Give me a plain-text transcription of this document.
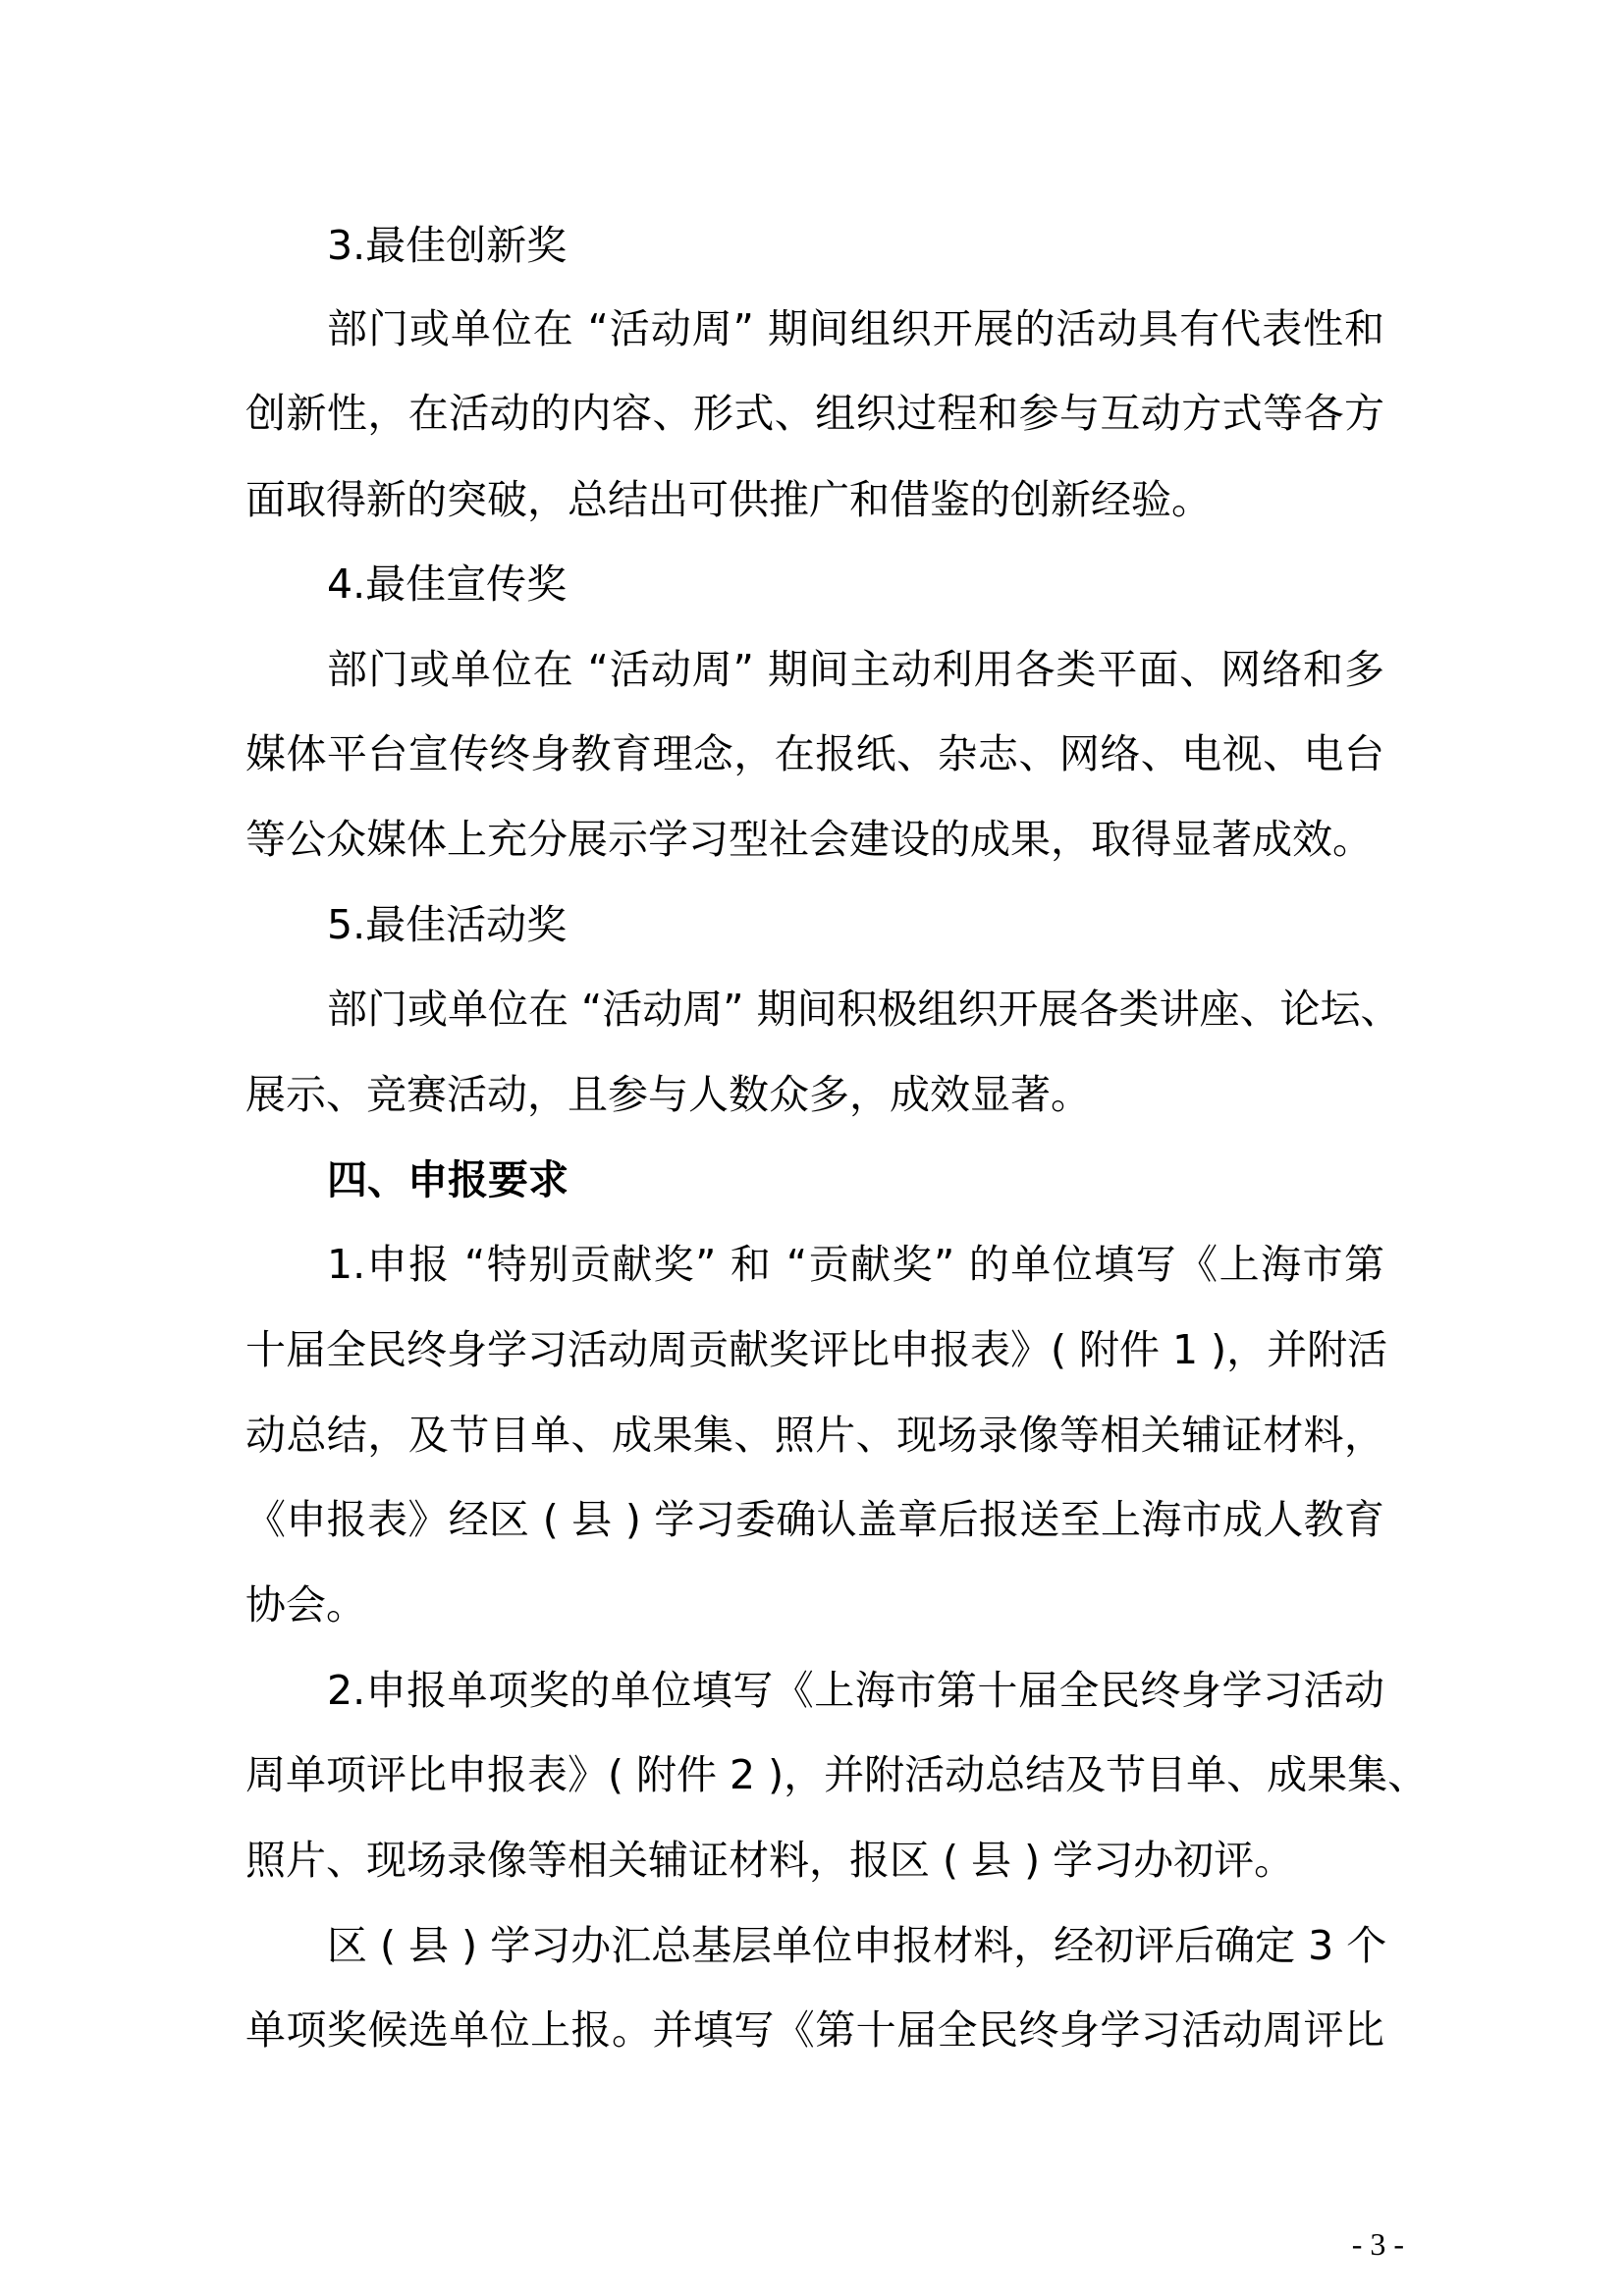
3.最佳创新奖

部门或单位在 “活动周” 期间组织开展的活动具有代表性和

创新性，在活动的内容、形式、组织过程和参与互动方式等各方

面取得新的突破，总结出可供推广和借鉴的创新经验。

4.最佳宣传奖

部门或单位在 “活动周” 期间主动利用各类平面、网络和多

媒体平台宣传终身教育理念，在报纸、杂志、网络、电视、电台

等公众媒体上充分展示学习型社会建设的成果，取得显著成效。

5.最佳活动奖

部门或单位在 “活动周” 期间积极组织开展各类讲座、论坛、

展示、竞赛活动，且参与人数众多，成效显著。

四、申报要求

1.申报 “特别贡献奖” 和 “贡献奖” 的单位填写《上海市第

十届全民终身学习活动周贡献奖评比申报表》( 附件 1 )，并附活

动总结，及节目单、成果集、照片、现场录像等相关辅证材料，

《申报表》经区 ( 县 ) 学习委确认盖章后报送至上海市成人教育

协会。

2.申报单项奖的单位填写《上海市第十届全民终身学习活动

周单项评比申报表》( 附件 2 )，并附活动总结及节目单、成果集、

照片、现场录像等相关辅证材料，报区 ( 县 ) 学习办初评。

区 ( 县 ) 学习办汇总基层单位申报材料，经初评后确定 3 个

单项奖候选单位上报。并填写《第十届全民终身学习活动周评比

- 3 -
